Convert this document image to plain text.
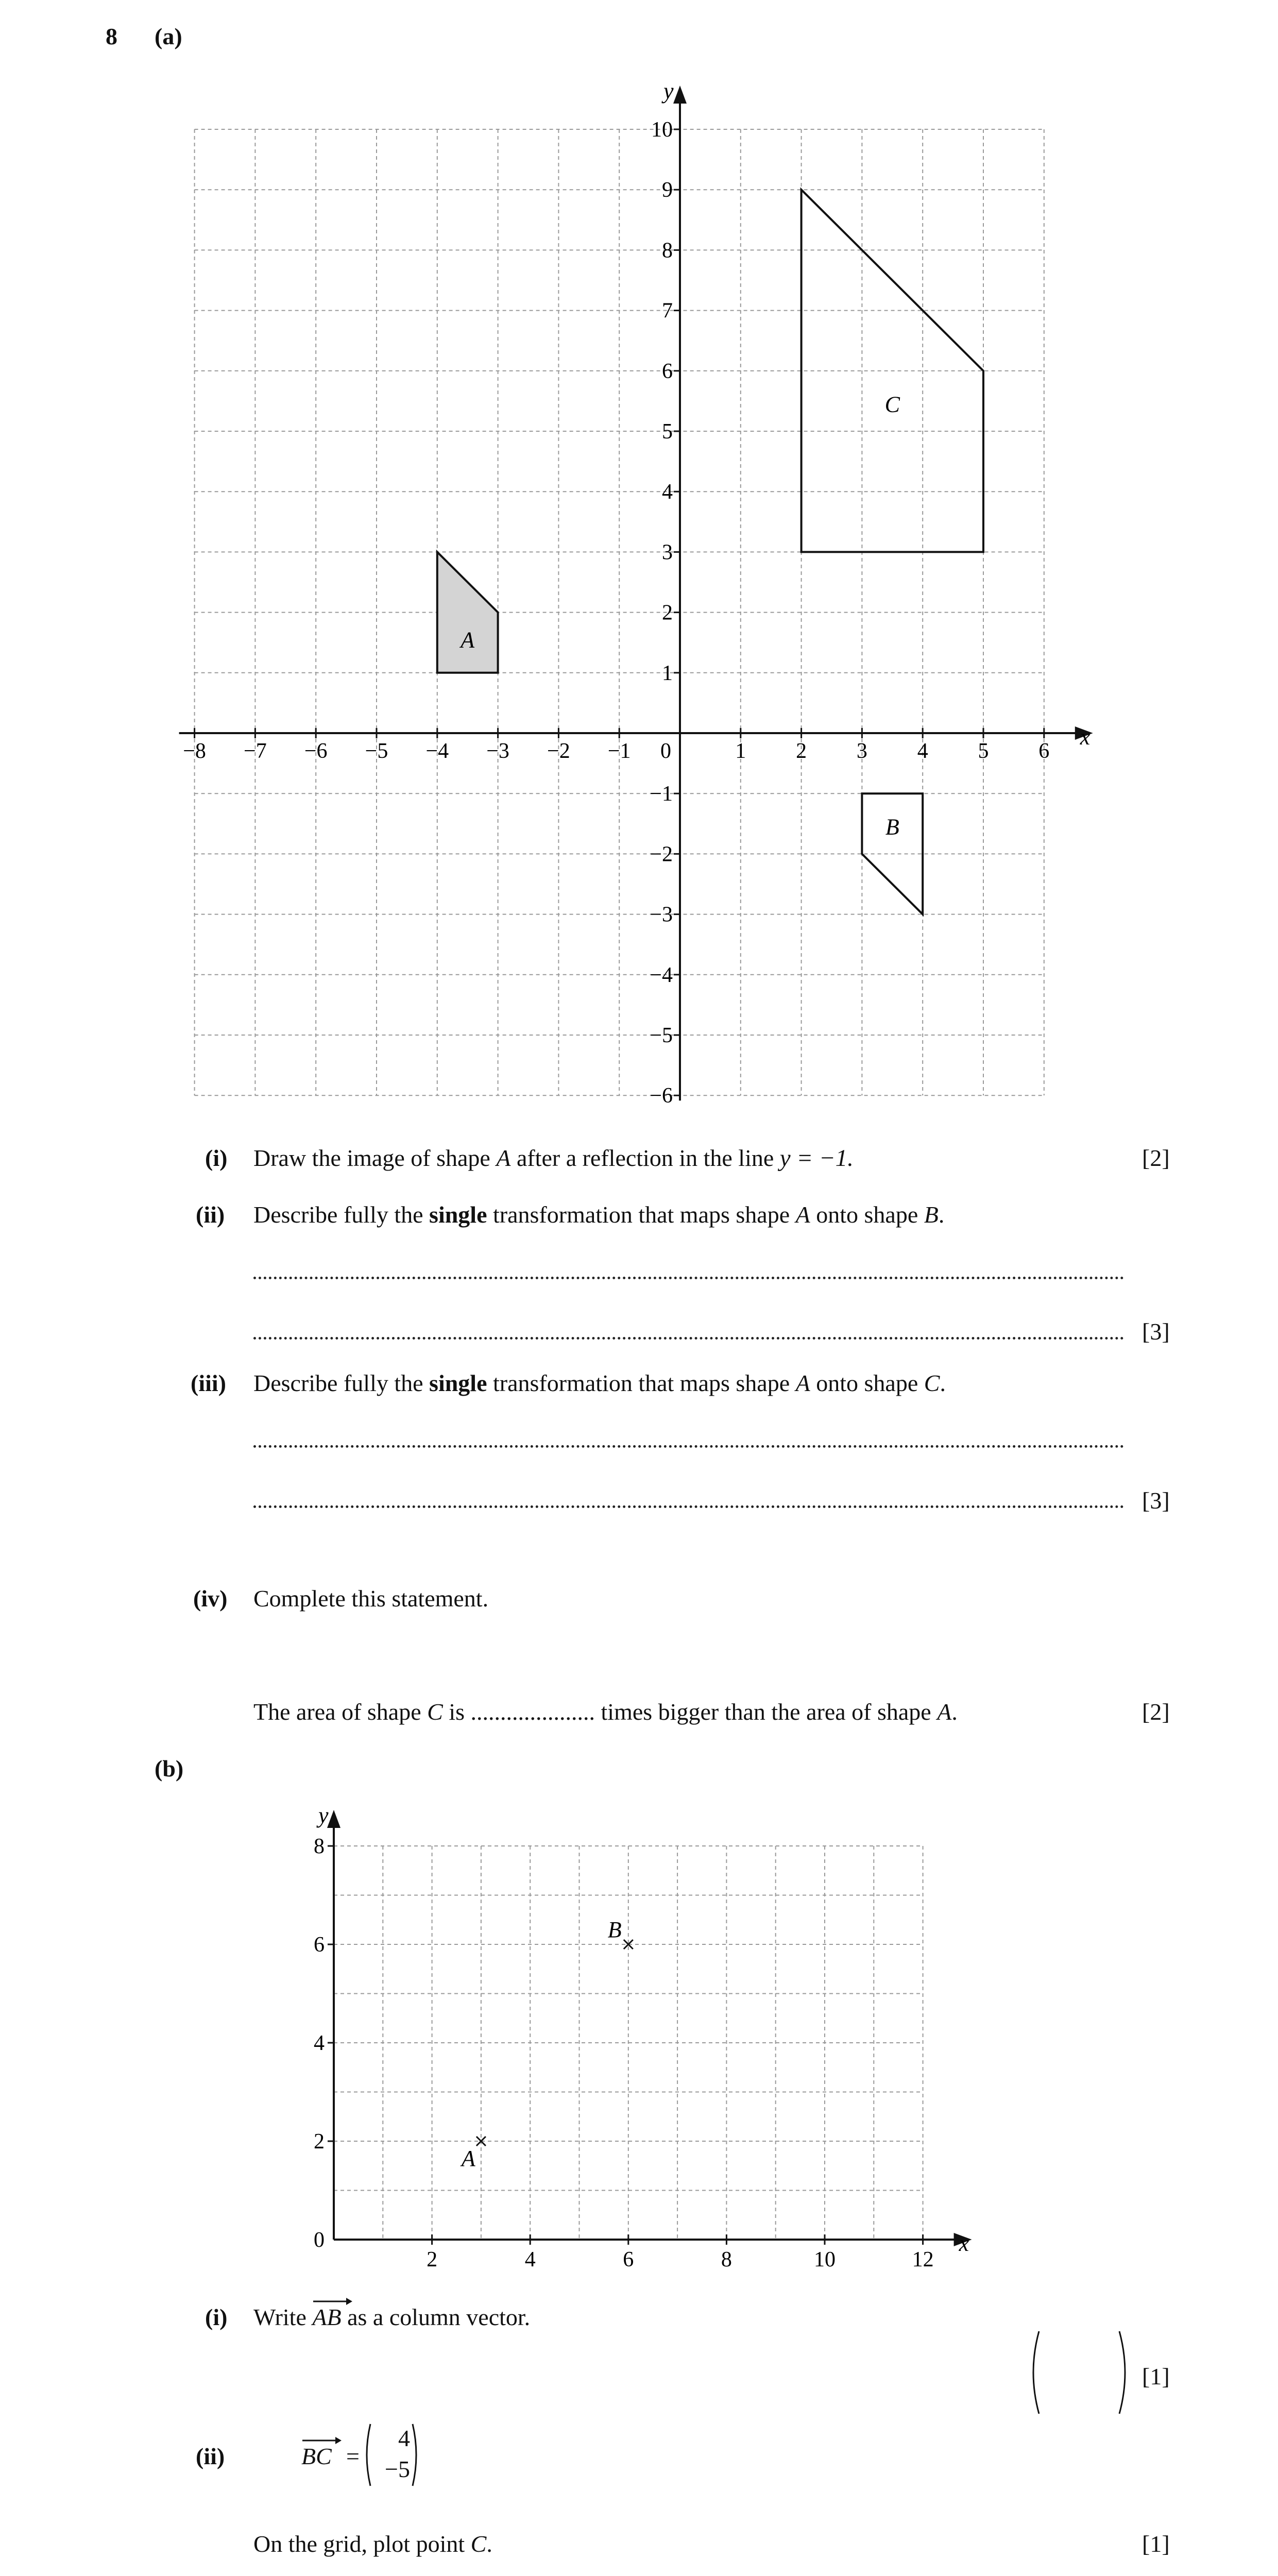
8 (a)
x
y
0
−8 −7 −6 −5 −4 −3 −2 −1	1 2 3 4 5 6
10
9
8
7
6
5
4
3
2
1
−1
−2
−3
−4
−5
−6
A
B
C
(i) Draw the image of shape A after a reflection in the line y = −1.	[2]
(ii) Describe fully the single transformation that maps shape A onto shape B.
[3]
(iii) Describe fully the single transformation that maps shape A onto shape C.
[3]
(iv) Complete this statement.
The area of shape C is ..................... times bigger than the area of shape A.	[2]
(b)
x
y
0
2	4	6	8	10	12
8
6
4
2
A
B
(i) Write
AB as a column vector.
[1]
(ii)	BC =
4
−5
On the grid, plot point C.	[1]
